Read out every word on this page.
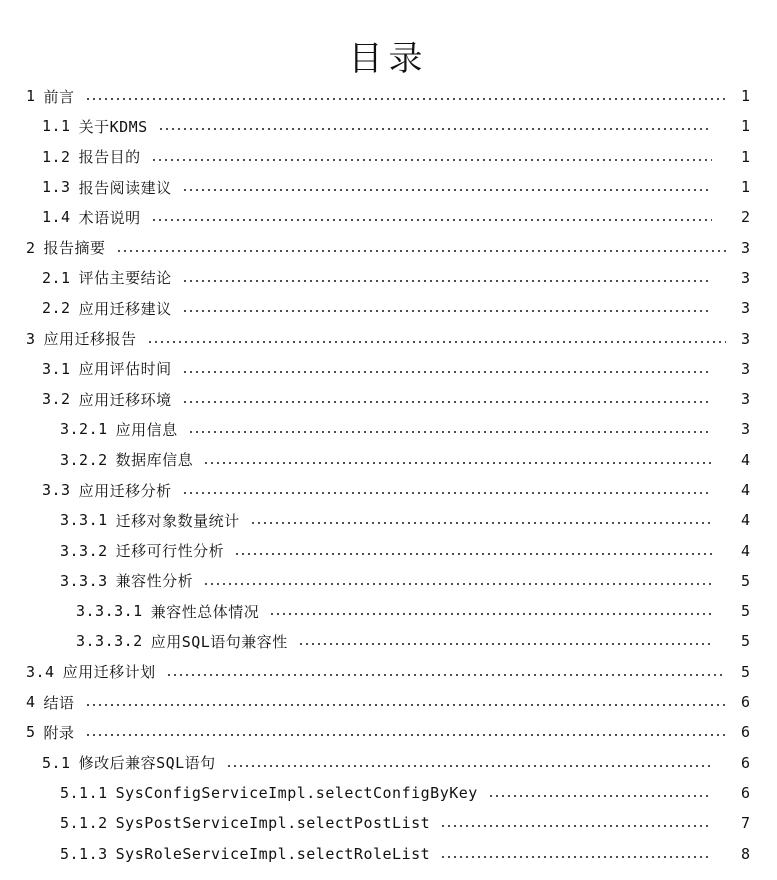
目录
1 前言	1
1.1 关于KDMS	1
1.2 报告目的	1
1.3 报告阅读建议	1
1.4 术语说明	2
2 报告摘要	3
2.1 评估主要结论	3
2.2 应用迁移建议	3
3 应用迁移报告	3
3.1 应用评估时间	3
3.2 应用迁移环境	3
3.2.1 应用信息	3
3.2.2 数据库信息	4
3.3 应用迁移分析	4
3.3.1 迁移对象数量统计	4
3.3.2 迁移可行性分析	4
3.3.3 兼容性分析	5
3.3.3.1 兼容性总体情况	5
3.3.3.2 应用SQL语句兼容性	5
3.4 应用迁移计划	5
4 结语	6
5 附录	6
5.1 修改后兼容SQL语句	6
5.1.1 SysConfigServiceImpl.selectConfigByKey	6
5.1.2 SysPostServiceImpl.selectPostList	7
5.1.3 SysRoleServiceImpl.selectRoleList	8
